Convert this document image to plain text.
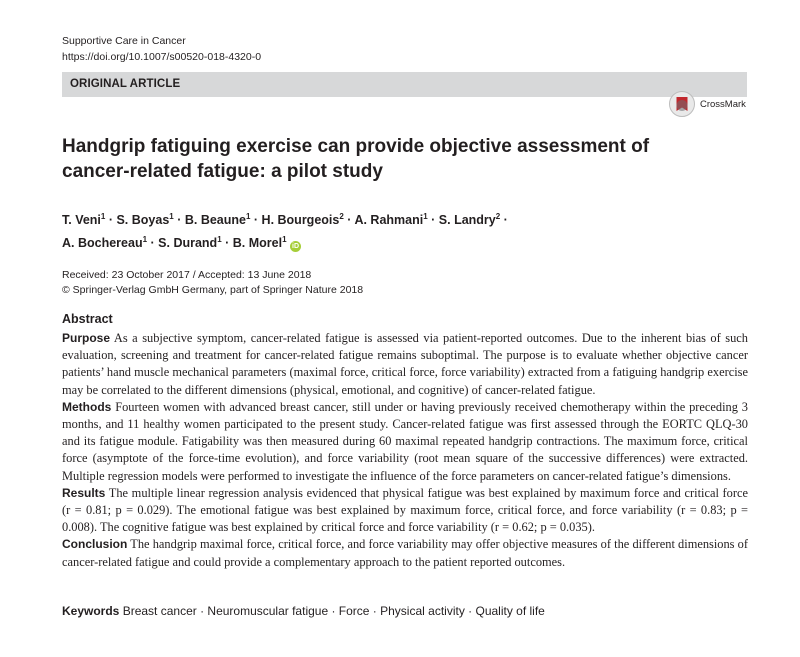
Supportive Care in Cancer
https://doi.org/10.1007/s00520-018-4320-0
ORIGINAL ARTICLE
CrossMark
Handgrip fatiguing exercise can provide objective assessment of cancer-related fatigue: a pilot study
T. Veni$^1$ · S. Boyas$^1$ · B. Beaune$^1$ · H. Bourgeois$^2$ · A. Rahmani$^1$ · S. Landry$^2$ ·
A. Bochereau$^1$ · S. Durand$^1$ · B. Morel$^1$ iD
Received: 23 October 2017 / Accepted: 13 June 2018
© Springer-Verlag GmbH Germany, part of Springer Nature 2018
Abstract

Purpose As a subjective symptom, cancer-related fatigue is assessed via patient-reported outcomes. Due to the inherent bias of such evaluation, screening and treatment for cancer-related fatigue remains suboptimal. The purpose is to evaluate whether objective cancer patients’ hand muscle mechanical parameters (maximal force, critical force, force variability) extracted from a fatiguing handgrip exercise may be correlated to the different dimensions (physical, emotional, and cognitive) of cancer-related fatigue.

Methods Fourteen women with advanced breast cancer, still under or having previously received chemotherapy within the preceding 3 months, and 11 healthy women participated to the present study. Cancer-related fatigue was first assessed through the EORTC QLQ-30 and its fatigue module. Fatigability was then measured during 60 maximal repeated handgrip contractions. The maximum force, critical force (asymptote of the force-time evolution), and force variability (root mean square of the successive differences) were extracted. Multiple regression models were performed to investigate the influence of the force parameters on cancer-related fatigue’s dimensions.

Results The multiple linear regression analysis evidenced that physical fatigue was best explained by maximum force and critical force (r = 0.81; p = 0.029). The emotional fatigue was best explained by maximum force, critical force, and force variability (r = 0.83; p = 0.008). The cognitive fatigue was best explained by critical force and force variability (r = 0.62; p = 0.035).

Conclusion The handgrip maximal force, critical force, and force variability may offer objective measures of the different dimensions of cancer-related fatigue and could provide a complementary approach to the patient reported outcomes.

Keywords Breast cancer · Neuromuscular fatigue · Force · Physical activity · Quality of life
